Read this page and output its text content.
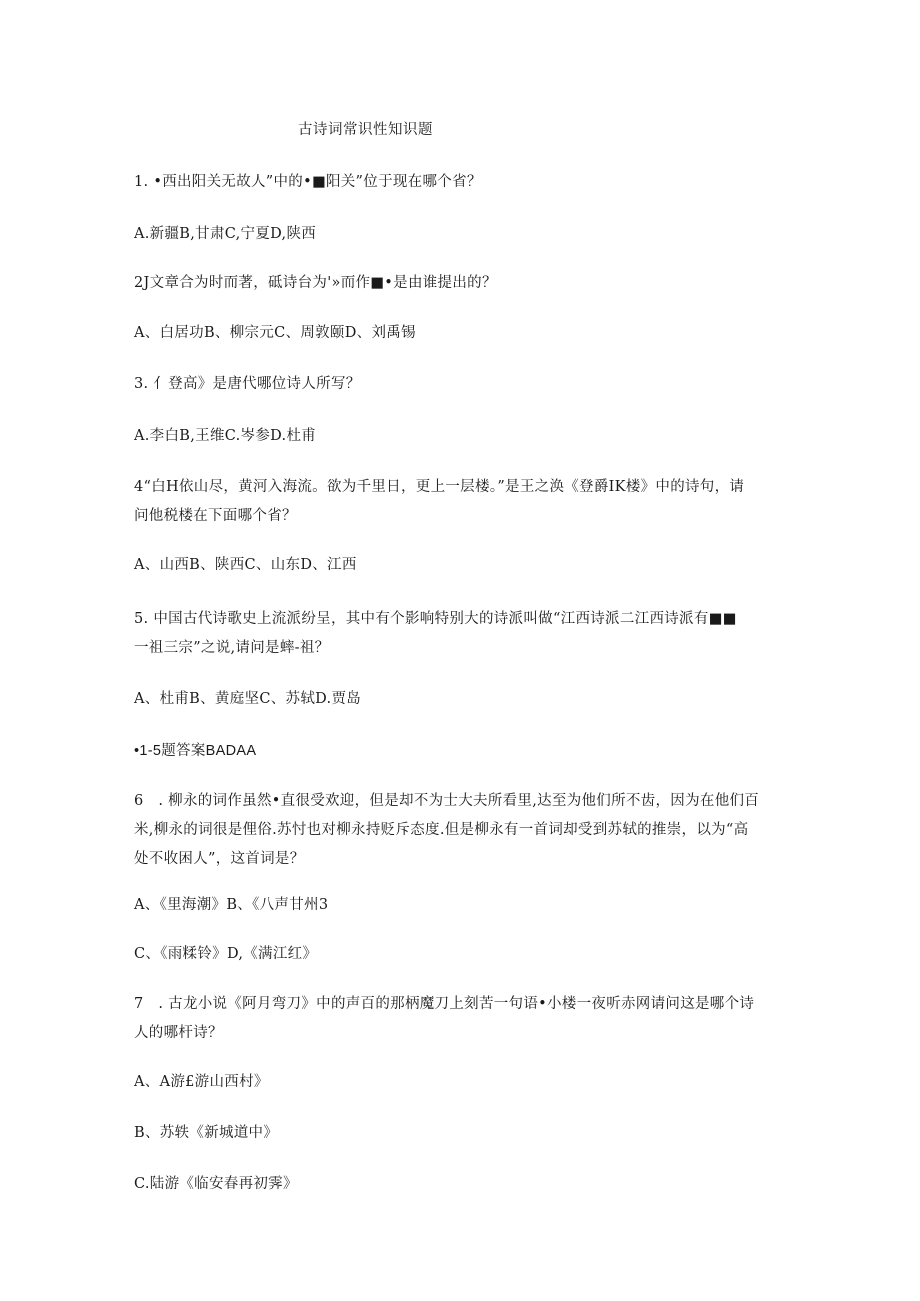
古诗词常识性知识题
1. •西出阳关无故人”中的•■阳关”位于现在哪个省？
A.新疆B,甘肃C,宁夏D,陕西
2J文章合为时而著，砥诗台为'»而作■•是由谁提出的？
A、白居功B、柳宗元C、周敦颐D、刘禹锡
3. 亻登高》是唐代哪位诗人所写？
A.李白B,王维C.岑参D.杜甫
4“白H依山尽，黄河入海流。欲为千里日，更上一层楼。”是王之涣《登爵IK楼》中的诗句，请
问他税楼在下面哪个省？
A、山西B、陕西C、山东D、江西
5. 中国古代诗歌史上流派纷呈，其中有个影响特别大的诗派叫做“江西诗派二江西诗派有■■
一祖三宗”之说,请问是蟀-祖？
A、杜甫B、黄庭坚C、苏轼D.贾岛
•1-5题答案BADAA
6　. 柳永的词作虽然•直很受欢迎，但是却不为士大夫所看里,达至为他们所不齿，因为在他们百
米,柳永的词很是俚俗.苏忖也对柳永持贬斥态度.但是柳永有一首词却受到苏轼的推崇，以为“高
处不收困人”，这首词是？
A、《里海潮》B、《八声甘州3
C、《雨糅铃》D,《满江红》
7　. 古龙小说《阿月弯刀》中的声百的那柄魔刀上刻苦一句语•小楼一夜听赤网请问这是哪个诗
人的哪杆诗？
A、A游£游山西村》
B、苏轶《新城道中》
C.陆游《临安春再初霁》
